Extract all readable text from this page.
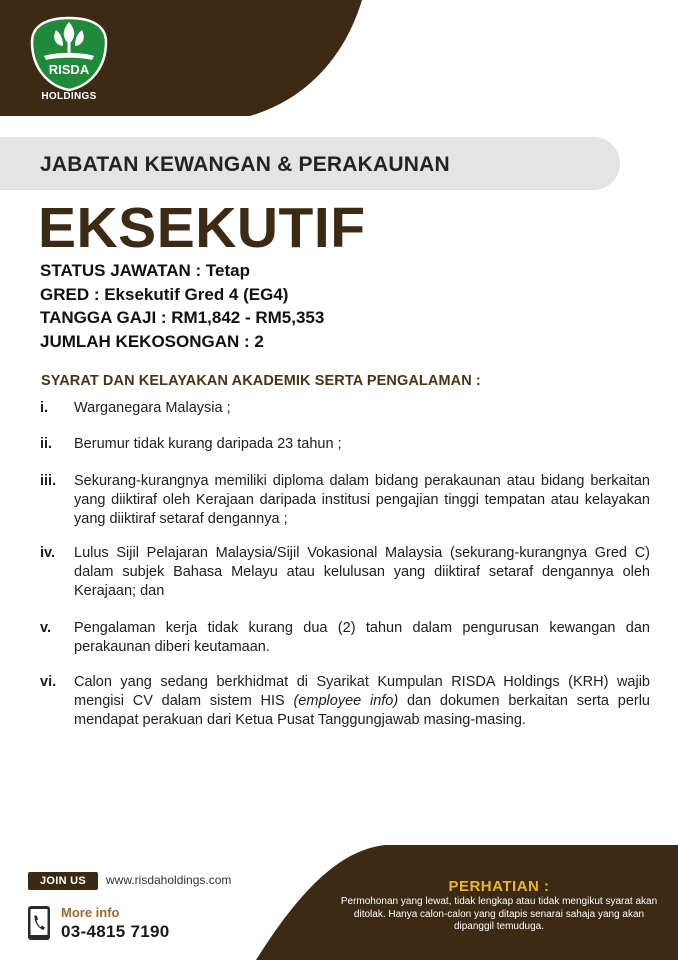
RISDA
HOLDINGS
JABATAN KEWANGAN & PERAKAUNAN
EKSEKUTIF
STATUS JAWATAN : Tetap
GRED : Eksekutif Gred 4 (EG4)
TANGGA GAJI : RM1,842 - RM5,353
JUMLAH KEKOSONGAN : 2
SYARAT DAN KELAYAKAN AKADEMIK SERTA PENGALAMAN :
i.	Warganegara Malaysia ;
ii.	Berumur tidak kurang daripada 23 tahun ;
iii.	Sekurang-kurangnya memiliki diploma dalam bidang perakaunan atau bidang berkaitan yang diiktiraf oleh Kerajaan daripada institusi pengajian tinggi tempatan atau kelayakan yang diiktiraf setaraf dengannya ;
iv.	Lulus Sijil Pelajaran Malaysia/Sijil Vokasional Malaysia (sekurang-kurangnya Gred C) dalam subjek Bahasa Melayu atau kelulusan yang diiktiraf setaraf dengannya oleh Kerajaan; dan
v.	Pengalaman kerja tidak kurang dua (2) tahun dalam pengurusan kewangan dan perakaunan diberi keutamaan.
vi.	Calon yang sedang berkhidmat di Syarikat Kumpulan RISDA Holdings (KRH) wajib mengisi CV dalam sistem HIS (employee info) dan dokumen berkaitan serta perlu mendapat perakuan dari Ketua Pusat Tanggungjawab masing-masing.
JOIN US	www.risdaholdings.com
More info
03-4815 7190
PERHATIAN :
Permohonan yang lewat, tidak lengkap atau tidak mengikut syarat akan ditolak. Hanya calon-calon yang ditapis senarai sahaja yang akan dipanggil temuduga.
